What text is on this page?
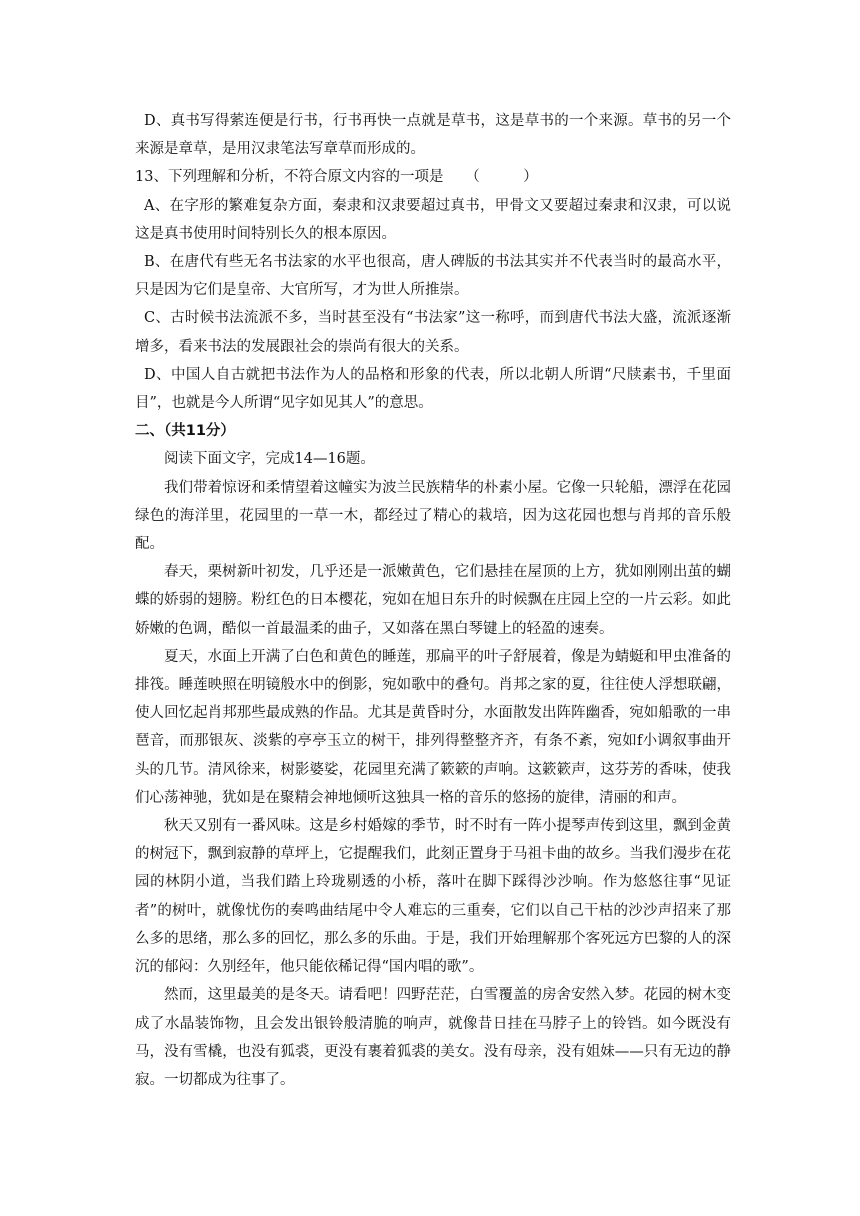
D、真书写得萦连便是行书，行书再快一点就是草书，这是草书的一个来源。草书的另一个来源是章草，是用汉隶笔法写章草而形成的。

13、下列理解和分析，不符合原文内容的一项是　　（　　　）

A、在字形的繁难复杂方面，秦隶和汉隶要超过真书，甲骨文又要超过秦隶和汉隶，可以说这是真书使用时间特别长久的根本原因。

B、在唐代有些无名书法家的水平也很高，唐人碑版的书法其实并不代表当时的最高水平，只是因为它们是皇帝、大官所写，才为世人所推崇。

C、古时候书法流派不多，当时甚至没有“书法家”这一称呼，而到唐代书法大盛，流派逐渐增多，看来书法的发展跟社会的崇尚有很大的关系。

D、中国人自古就把书法作为人的品格和形象的代表，所以北朝人所谓“尺牍素书，千里面目”，也就是今人所谓“见字如见其人”的意思。

二、（共11分）

阅读下面文字，完成14—16题。

我们带着惊讶和柔情望着这幢实为波兰民族精华的朴素小屋。它像一只轮船，漂浮在花园绿色的海洋里，花园里的一草一木，都经过了精心的栽培，因为这花园也想与肖邦的音乐般配。

春天，栗树新叶初发，几乎还是一派嫩黄色，它们悬挂在屋顶的上方，犹如刚刚出茧的蝴蝶的娇弱的翅膀。粉红色的日本樱花，宛如在旭日东升的时候飘在庄园上空的一片云彩。如此娇嫩的色调，酷似一首最温柔的曲子，又如落在黑白琴键上的轻盈的速奏。

夏天，水面上开满了白色和黄色的睡莲，那扁平的叶子舒展着，像是为蜻蜓和甲虫准备的排筏。睡莲映照在明镜般水中的倒影，宛如歌中的叠句。肖邦之家的夏，往往使人浮想联翩，使人回忆起肖邦那些最成熟的作品。尤其是黄昏时分，水面散发出阵阵幽香，宛如船歌的一串琶音，而那银灰、淡紫的亭亭玉立的树干，排列得整整齐齐，有条不紊，宛如f小调叙事曲开头的几节。清风徐来，树影婆娑，花园里充满了簌簌的声响。这簌簌声，这芬芳的香味，使我们心荡神驰，犹如是在聚精会神地倾听这独具一格的音乐的悠扬的旋律，清丽的和声。

秋天又别有一番风味。这是乡村婚嫁的季节，时不时有一阵小提琴声传到这里，飘到金黄的树冠下，飘到寂静的草坪上，它提醒我们，此刻正置身于马祖卡曲的故乡。当我们漫步在花园的林阴小道，当我们踏上玲珑剔透的小桥，落叶在脚下踩得沙沙响。作为悠悠往事“见证者”的树叶，就像忧伤的奏鸣曲结尾中令人难忘的三重奏，它们以自己干枯的沙沙声招来了那么多的思绪，那么多的回忆，那么多的乐曲。于是，我们开始理解那个客死远方巴黎的人的深沉的郁闷：久别经年，他只能依稀记得“国内唱的歌”。

然而，这里最美的是冬天。请看吧！四野茫茫，白雪覆盖的房舍安然入梦。花园的树木变成了水晶装饰物，且会发出银铃般清脆的响声，就像昔日挂在马脖子上的铃铛。如今既没有马，没有雪橇，也没有狐裘，更没有裹着狐裘的美女。没有母亲，没有姐妹——只有无边的静寂。一切都成为往事了。
